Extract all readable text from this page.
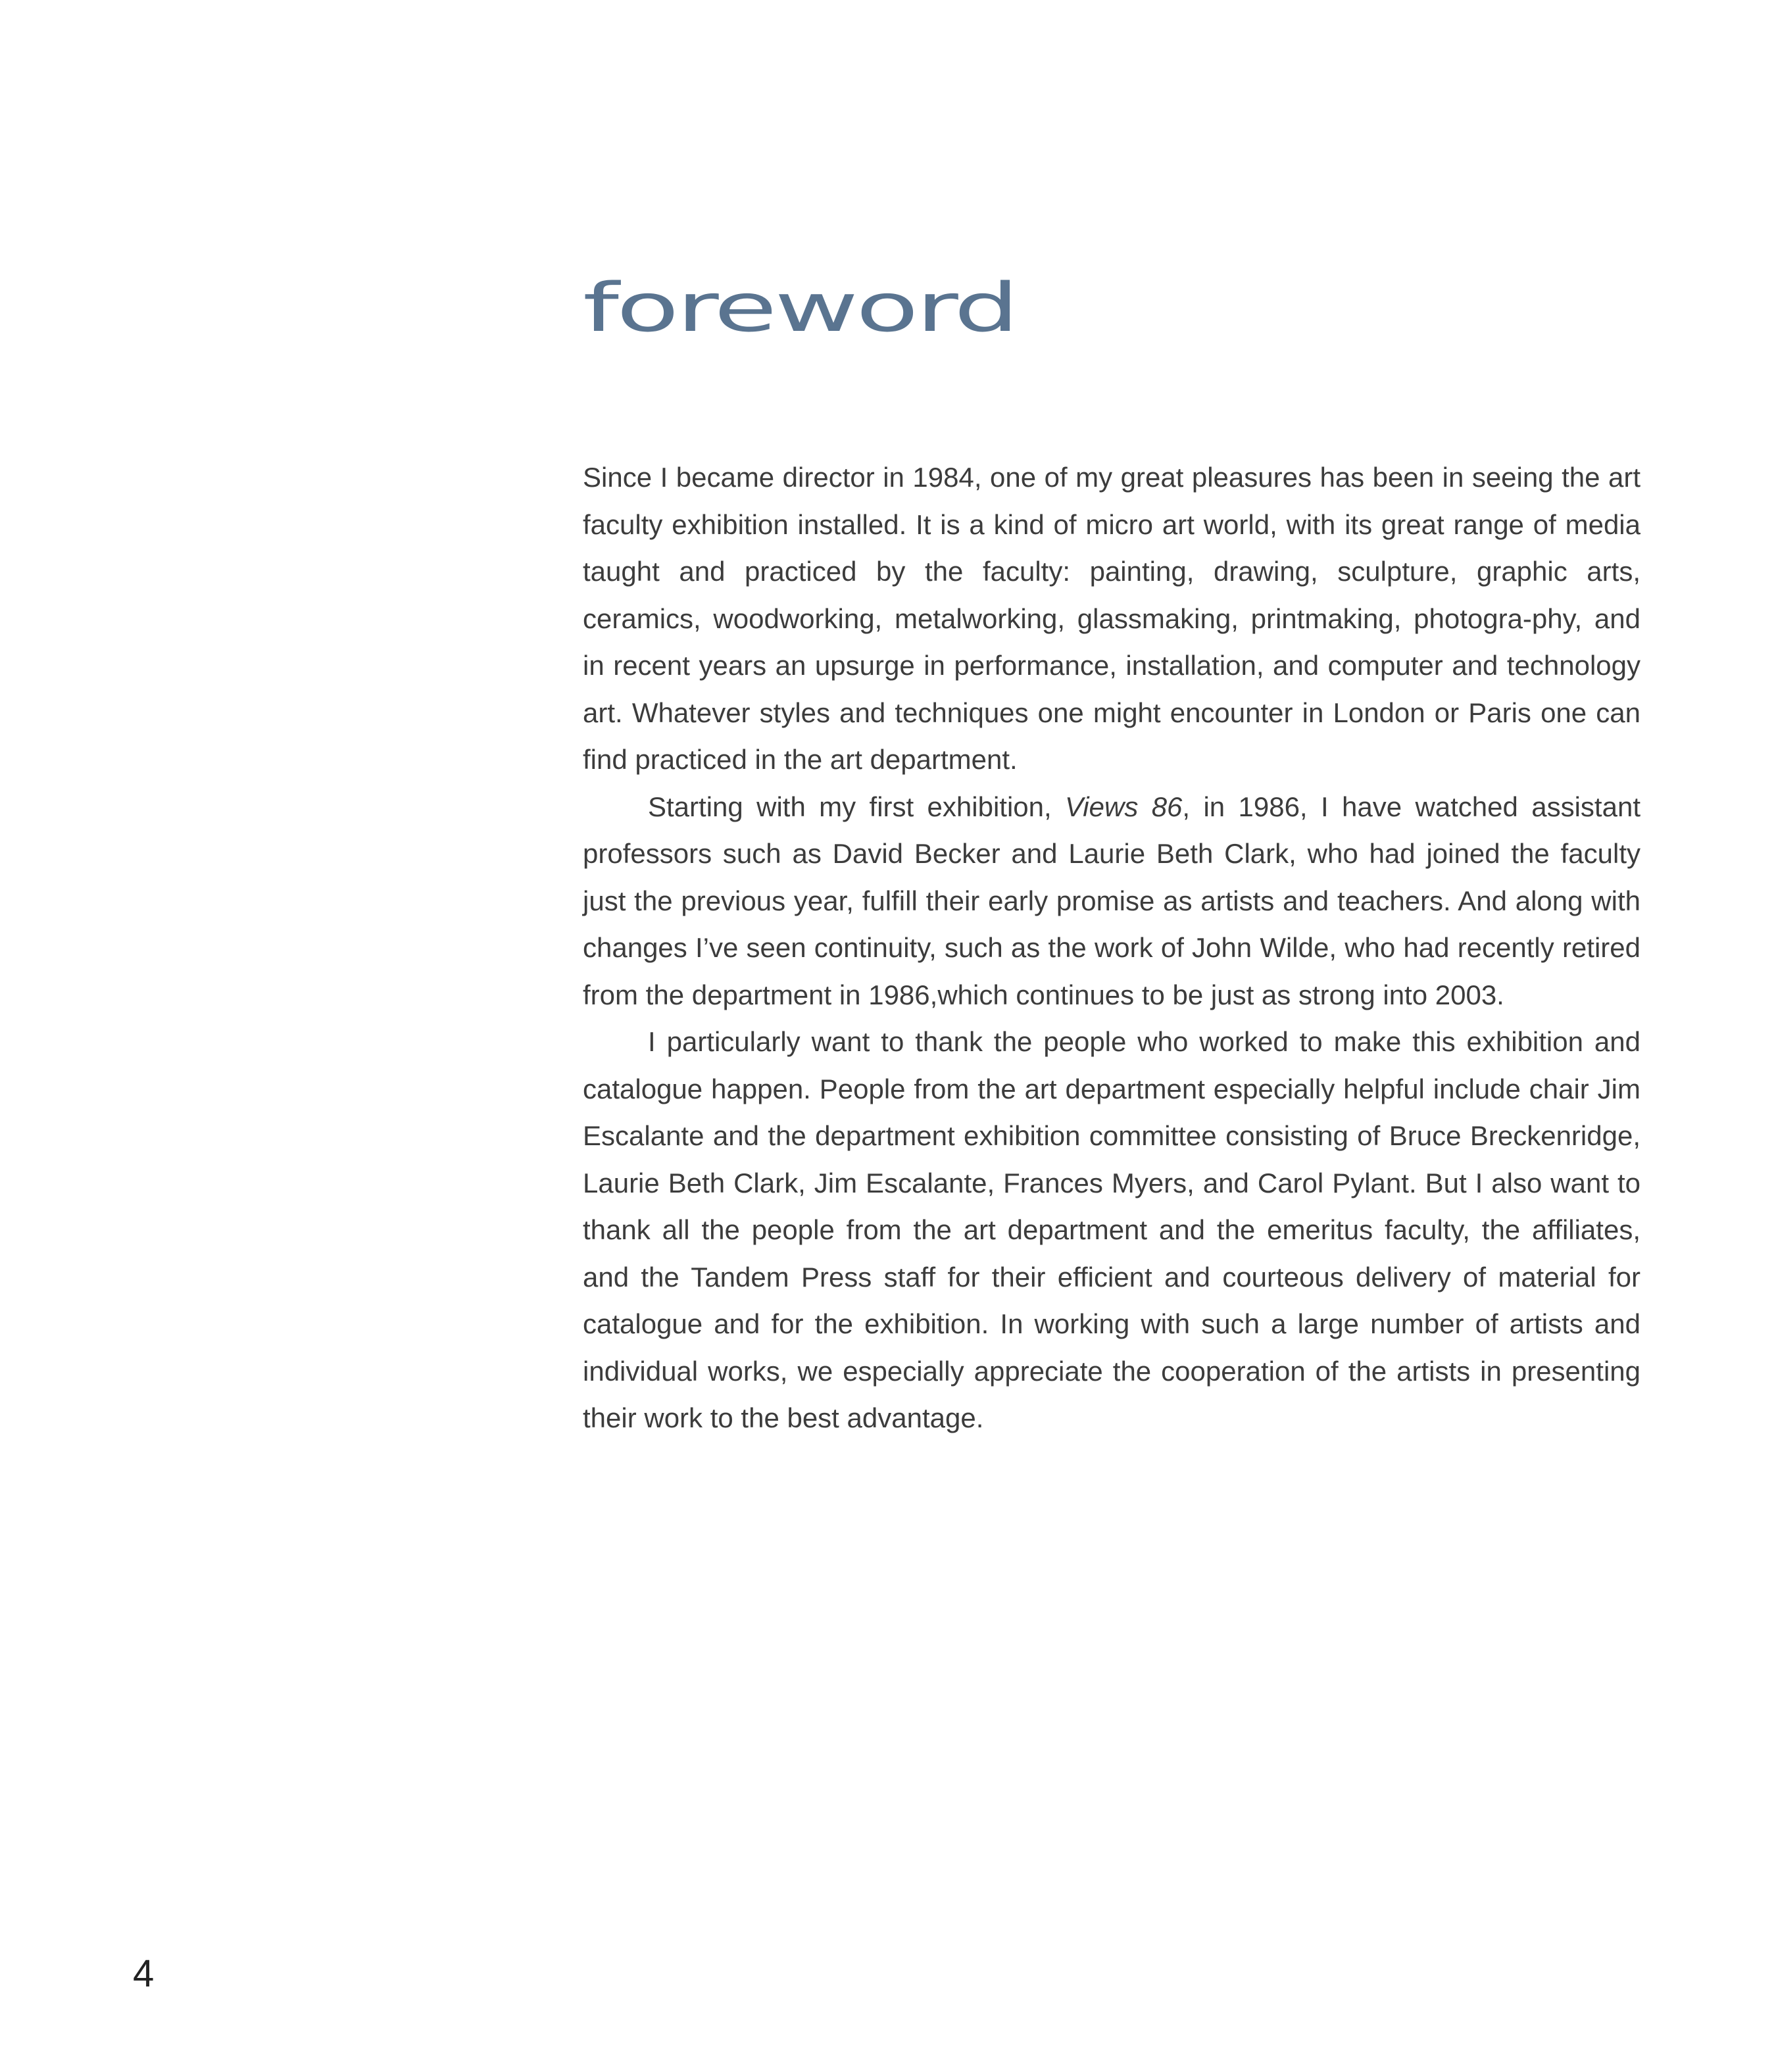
foreword

Since I became director in 1984, one of my great pleasures has been in seeing the art faculty exhibition installed. It is a kind of micro art world, with its great range of media taught and practiced by the faculty: painting, drawing, sculpture, graphic arts, ceramics, woodworking, metalworking, glassmaking, printmaking, photogra-phy, and in recent years an upsurge in performance, installation, and computer and technology art. Whatever styles and techniques one might encounter in London or Paris one can find practiced in the art department.

Starting with my first exhibition, Views 86, in 1986, I have watched assistant professors such as David Becker and Laurie Beth Clark, who had joined the faculty just the previous year, fulfill their early promise as artists and teachers. And along with changes I’ve seen continuity, such as the work of John Wilde, who had recently retired from the department in 1986,which continues to be just as strong into 2003.

I particularly want to thank the people who worked to make this exhibition and catalogue happen. People from the art department especially helpful include chair Jim Escalante and the department exhibition committee consisting of Bruce Breckenridge, Laurie Beth Clark, Jim Escalante, Frances Myers, and Carol Pylant. But I also want to thank all the people from the art department and the emeritus faculty, the affiliates, and the Tandem Press staff for their efficient and courteous delivery of material for catalogue and for the exhibition. In working with such a large number of artists and individual works, we especially appreciate the cooperation of the artists in presenting their work to the best advantage.

4
